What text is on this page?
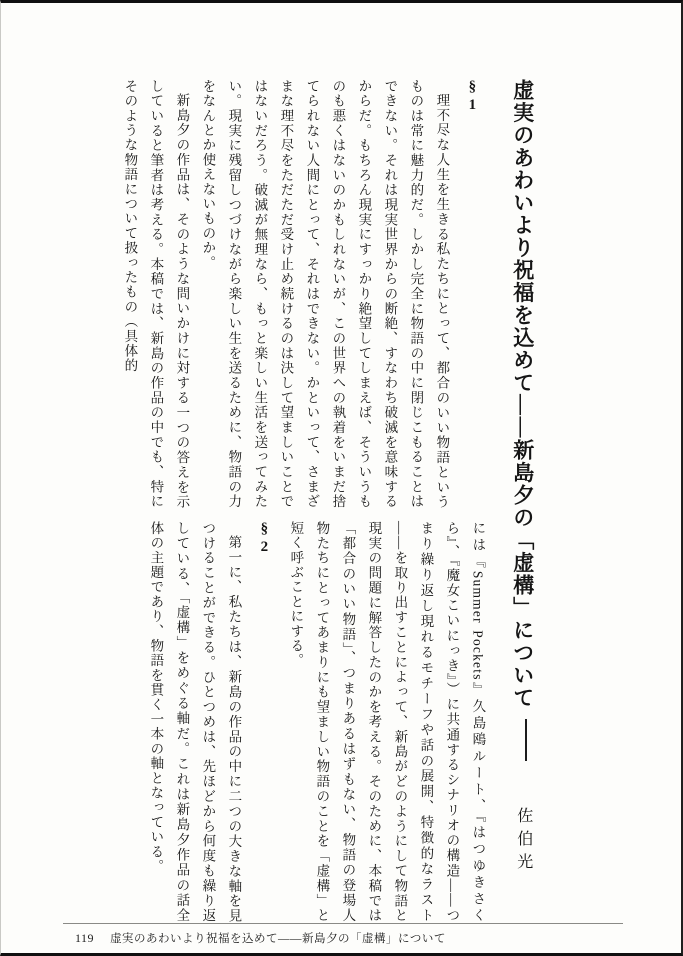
§1

理不尽な人生を生きる私たちにとって、都合のいい物語というものは常に魅力的だ。しかし完全に物語の中に閉じこもることはできない。それは現実世界からの断絶、すなわち破滅を意味するからだ。もちろん現実にすっかり絶望してしまえば、そういうものも悪くはないのかもしれないが、この世界への執着をいまだ捨てられない人間にとって、それはできない。かといって、さまざまな理不尽をただただ受け止め続けるのは決して望ましいことではないだろう。破滅が無理なら、もっと楽しい生活を送ってみたい。現実に残留しつづけながら楽しい生を送るために、物語の力をなんとか使えないものか。

新島夕の作品は、そのような問いかけに対する一つの答えを示していると筆者は考える。本稿では、新島の作品の中でも、特にそのような物語について扱ったもの（具体的

には『Summer Pockets』久島鴎ルート、『はつゆきさくら』、『魔女こいにっき』）に共通するシナリオの構造——つまり繰り返し現れるモチーフや話の展開、特徴的なラスト——を取り出すことによって、新島がどのようにして物語と現実の問題に解答したのかを考える。そのために、本稿では「都合のいい物語」、つまりあるはずもない、物語の登場人物たちにとってあまりにも望ましい物語のことを「虚構」と短く呼ぶことにする。

§2

第一に、私たちは、新島の作品の中に二つの大きな軸を見つけることができる。ひとつめは、先ほどから何度も繰り返している、「虚構」をめぐる軸だ。これは新島夕作品の話全体の主題であり、物語を貫く一本の軸となっている。	虚実のあわいより祝福を込めて——新島夕の「虚構」について佐伯光
119 虚実のあわいより祝福を込めて——新島夕の「虚構」について
